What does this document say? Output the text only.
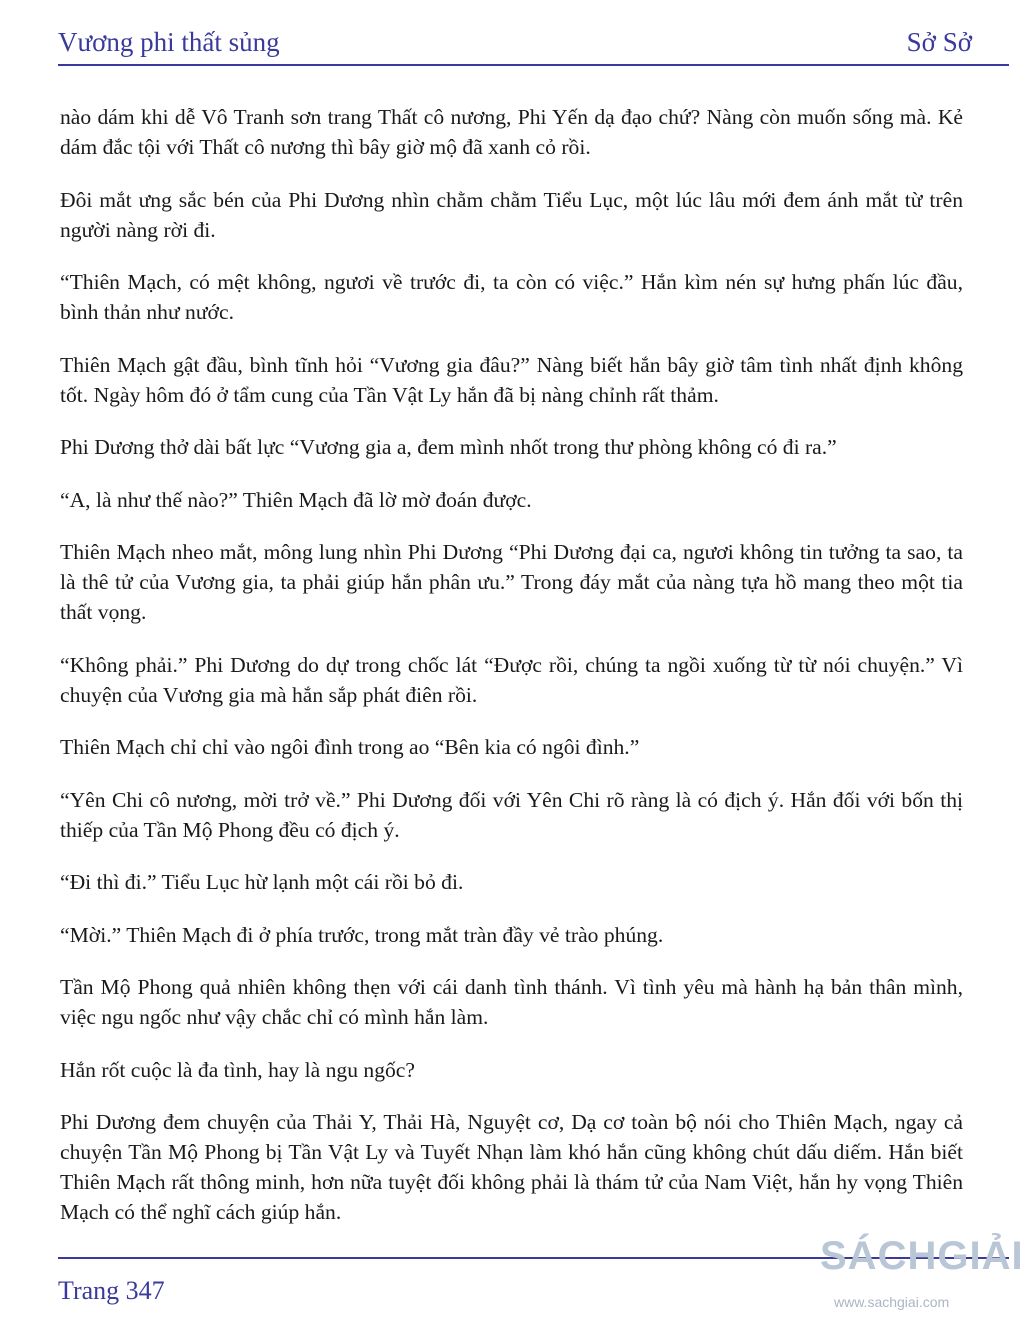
Vương phi thất sủng	Sở Sở

nào dám khi dễ Vô Tranh sơn trang Thất cô nương, Phi Yến dạ đạo chứ? Nàng còn muốn sống mà. Kẻ dám đắc tội với Thất cô nương thì bây giờ mộ đã xanh cỏ rồi.

Đôi mắt ưng sắc bén của Phi Dương nhìn chằm chằm Tiểu Lục, một lúc lâu mới đem ánh mắt từ trên người nàng rời đi.

“Thiên Mạch, có mệt không, ngươi về trước đi, ta còn có việc.” Hắn kìm nén sự hưng phấn lúc đầu, bình thản như nước.

Thiên Mạch gật đầu, bình tĩnh hỏi “Vương gia đâu?” Nàng biết hắn bây giờ tâm tình nhất định không tốt. Ngày hôm đó ở tẩm cung của Tần Vật Ly hắn đã bị nàng chỉnh rất thảm.

Phi Dương thở dài bất lực “Vương gia a, đem mình nhốt trong thư phòng không có đi ra.”

“A, là như thế nào?” Thiên Mạch đã lờ mờ đoán được.

Thiên Mạch nheo mắt, mông lung nhìn Phi Dương “Phi Dương đại ca, ngươi không tin tưởng ta sao, ta là thê tử của Vương gia, ta phải giúp hắn phân ưu.” Trong đáy mắt của nàng tựa hồ mang theo một tia thất vọng.

“Không phải.” Phi Dương do dự trong chốc lát “Được rồi, chúng ta ngồi xuống từ từ nói chuyện.” Vì chuyện của Vương gia mà hắn sắp phát điên rồi.

Thiên Mạch chỉ chỉ vào ngôi đình trong ao “Bên kia có ngôi đình.”

“Yên Chi cô nương, mời trở về.” Phi Dương đối với Yên Chi rõ ràng là có địch ý. Hắn đối với bốn thị thiếp của Tần Mộ Phong đều có địch ý.

“Đi thì đi.” Tiểu Lục hừ lạnh một cái rồi bỏ đi.

“Mời.” Thiên Mạch đi ở phía trước, trong mắt tràn đầy vẻ trào phúng.

Tần Mộ Phong quả nhiên không thẹn với cái danh tình thánh. Vì tình yêu mà hành hạ bản thân mình, việc ngu ngốc như vậy chắc chỉ có mình hắn làm.

Hắn rốt cuộc là đa tình, hay là ngu ngốc?

Phi Dương đem chuyện của Thải Y, Thải Hà, Nguyệt cơ, Dạ cơ toàn bộ nói cho Thiên Mạch, ngay cả chuyện Tần Mộ Phong bị Tần Vật Ly và Tuyết Nhạn làm khó hắn cũng không chút dấu diếm. Hắn biết Thiên Mạch rất thông minh, hơn nữa tuyệt đối không phải là thám tử của Nam Việt, hắn hy vọng Thiên Mạch có thể nghĩ cách giúp hắn.

Trang 347
SÁCHGIẢI
www.sachgiai.com
